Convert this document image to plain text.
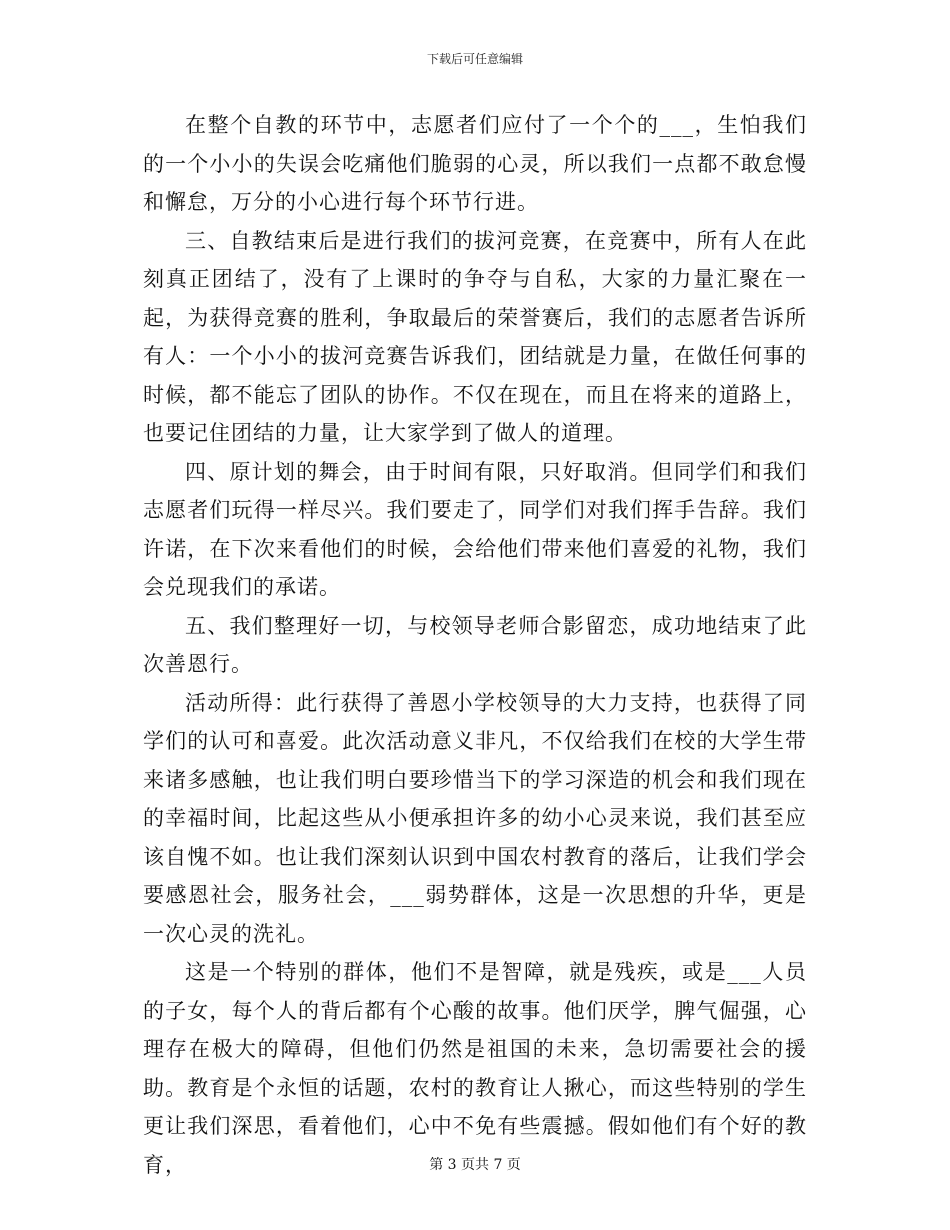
下载后可任意编辑

在整个自教的环节中，志愿者们应付了一个个的___，生怕我们的一个小小的失误会吃痛他们脆弱的心灵，所以我们一点都不敢怠慢和懈怠，万分的小心进行每个环节行进。

三、自教结束后是进行我们的拔河竞赛，在竞赛中，所有人在此刻真正团结了，没有了上课时的争夺与自私，大家的力量汇聚在一起，为获得竞赛的胜利，争取最后的荣誉赛后，我们的志愿者告诉所有人：一个小小的拔河竞赛告诉我们，团结就是力量，在做任何事的时候，都不能忘了团队的协作。不仅在现在，而且在将来的道路上，也要记住团结的力量，让大家学到了做人的道理。

四、原计划的舞会，由于时间有限，只好取消。但同学们和我们志愿者们玩得一样尽兴。我们要走了，同学们对我们挥手告辞。我们许诺，在下次来看他们的时候，会给他们带来他们喜爱的礼物，我们会兑现我们的承诺。

五、我们整理好一切，与校领导老师合影留恋，成功地结束了此次善恩行。

活动所得：此行获得了善恩小学校领导的大力支持，也获得了同学们的认可和喜爱。此次活动意义非凡，不仅给我们在校的大学生带来诸多感触，也让我们明白要珍惜当下的学习深造的机会和我们现在的幸福时间，比起这些从小便承担许多的幼小心灵来说，我们甚至应该自愧不如。也让我们深刻认识到中国农村教育的落后，让我们学会要感恩社会，服务社会，___弱势群体，这是一次思想的升华，更是一次心灵的洗礼。

这是一个特别的群体，他们不是智障，就是残疾，或是___人员的子女，每个人的背后都有个心酸的故事。他们厌学，脾气倔强，心理存在极大的障碍，但他们仍然是祖国的未来，急切需要社会的援助。教育是个永恒的话题，农村的教育让人揪心，而这些特别的学生更让我们深思，看着他们，心中不免有些震撼。假如他们有个好的教育，	第 3 页共 7 页
